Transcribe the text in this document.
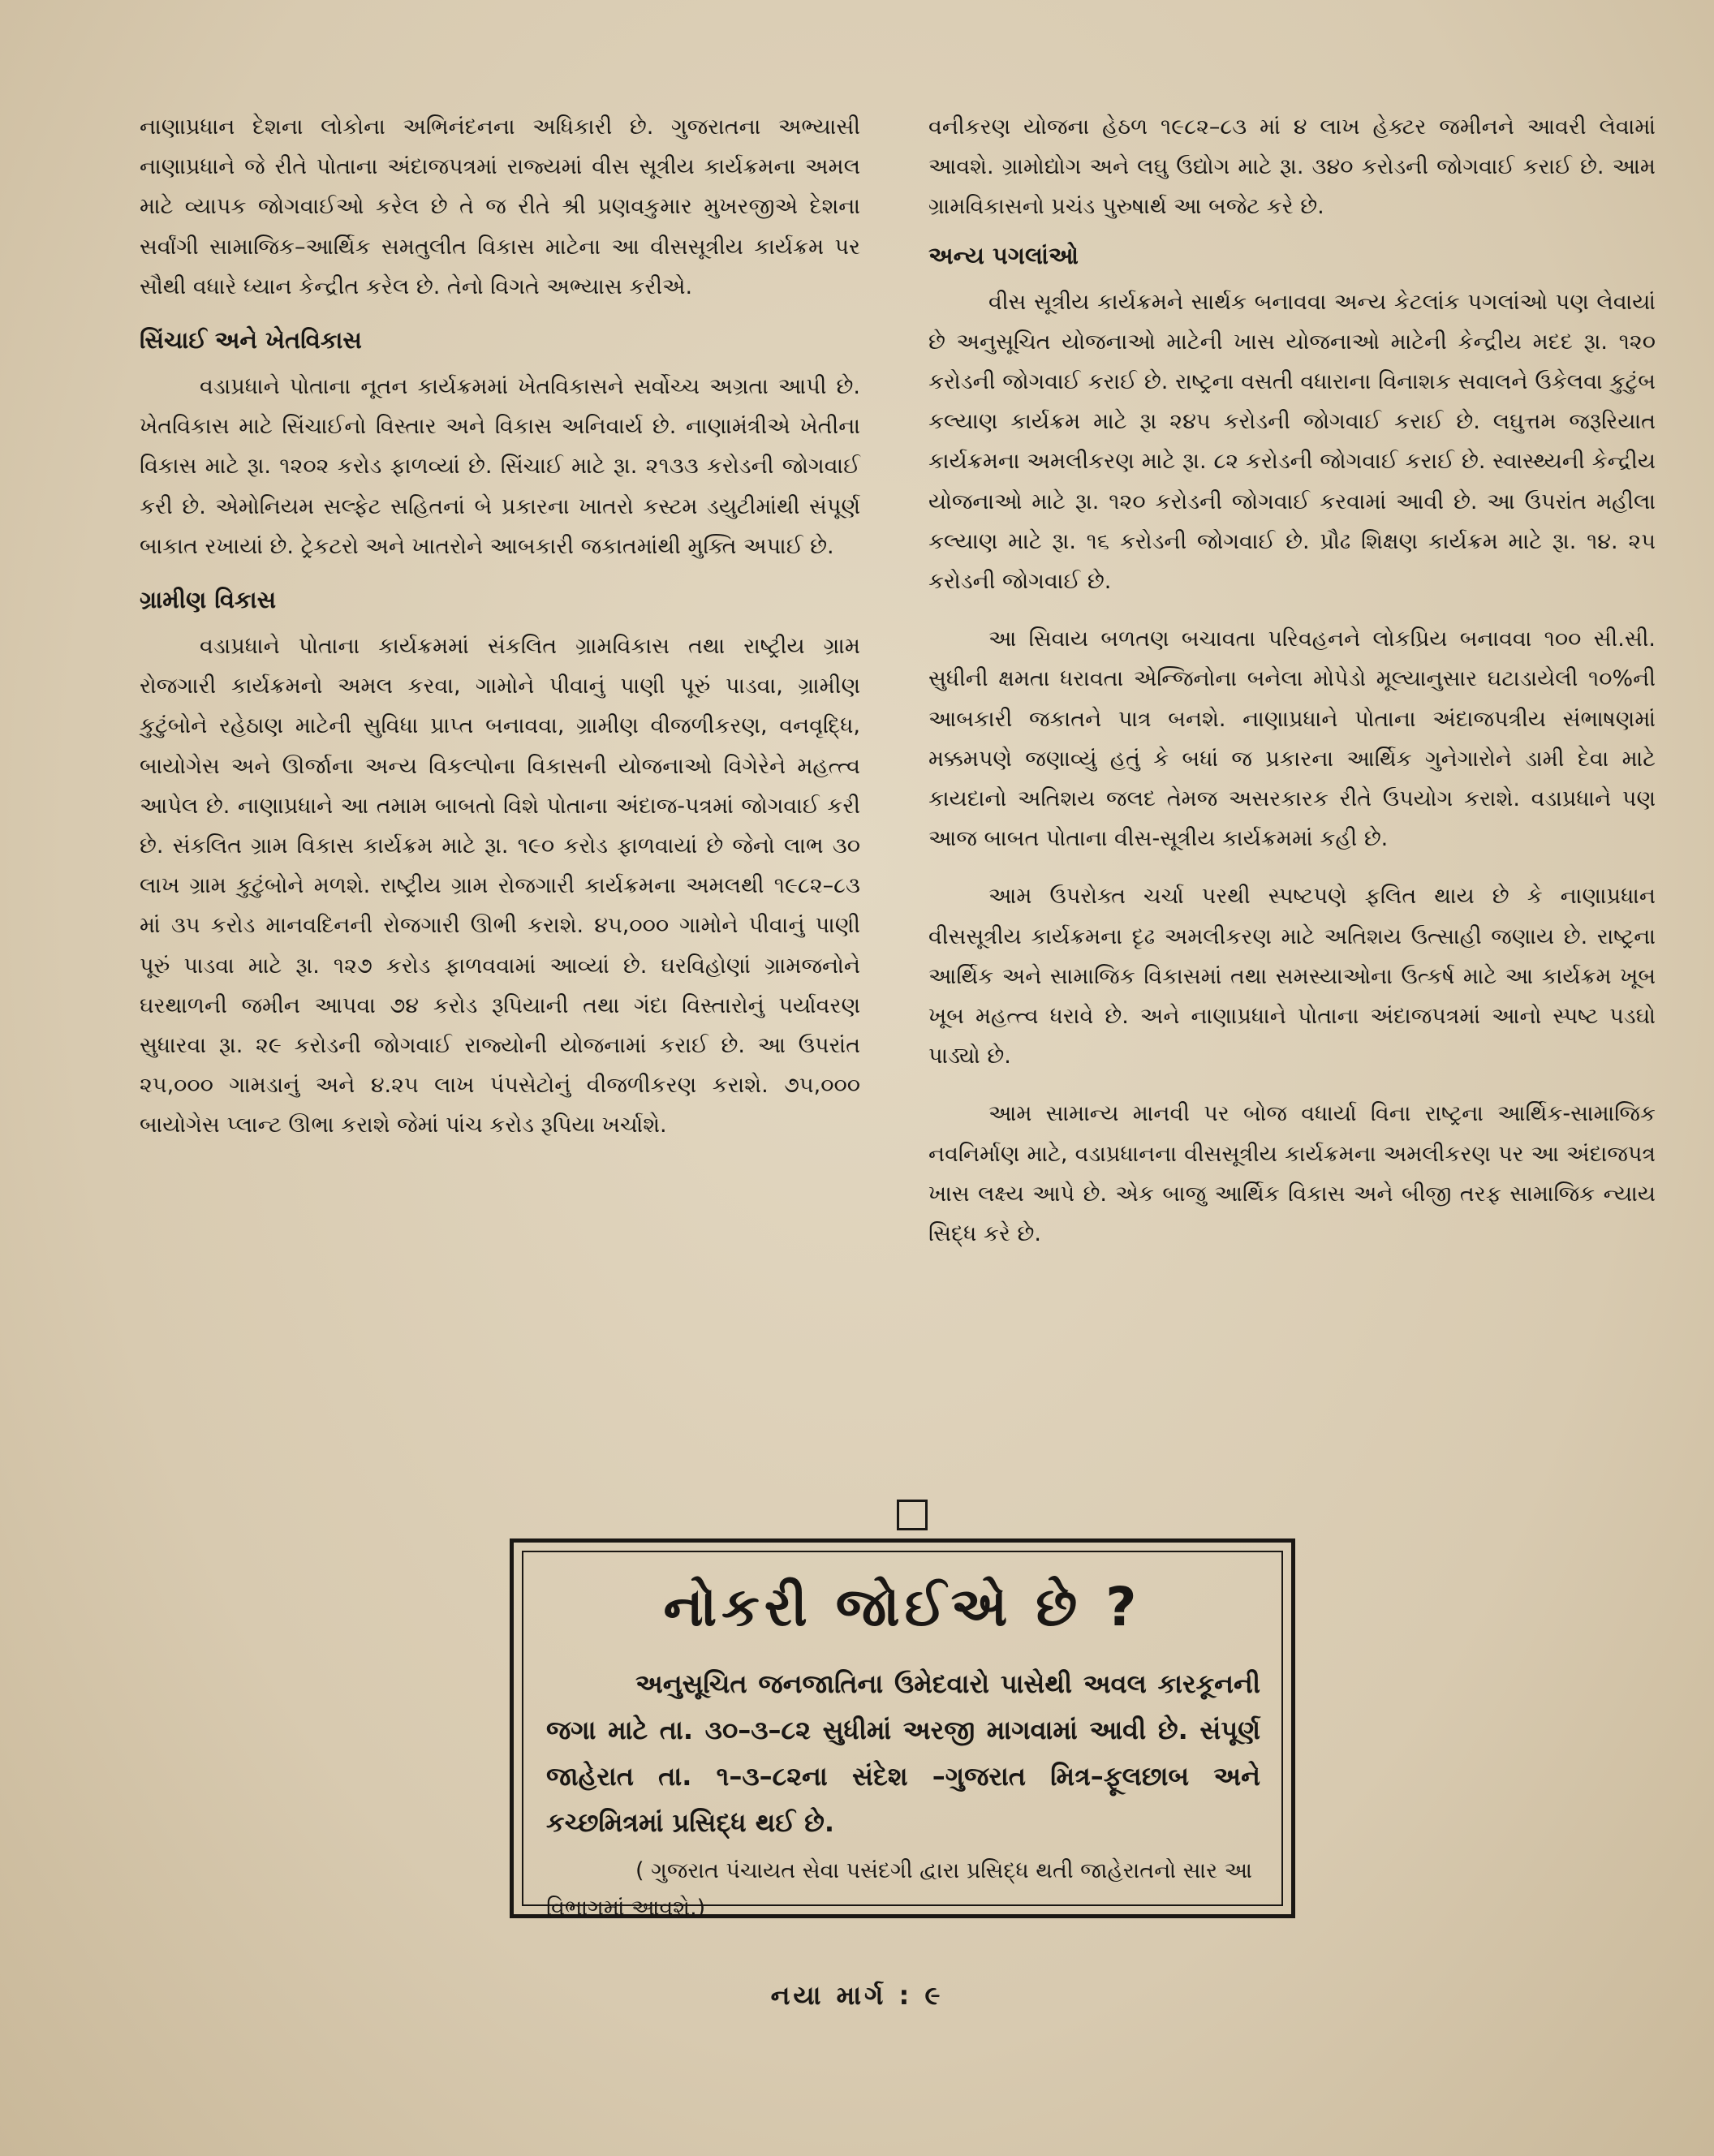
નાણાપ્રધાન દેશના લોકોના અભિનંદનના અધિકારી છે. ગુજરાતના અભ્યાસી નાણાપ્રધાને જે રીતે પોતાના અંદાજપત્રમાં રાજ્યમાં વીસ સૂત્રીય કાર્યક્રમના અમલ માટે વ્યાપક જોગવાઈઓ કરેલ છે તે જ રીતે શ્રી પ્રણવકુમાર મુખરજીએ દેશના સર્વાંગી સામાજિક–આર્થિક સમતુલીત વિકાસ માટેના આ વીસસૂત્રીય કાર્યક્રમ પર સૌથી વધારે ધ્યાન કેન્દ્રીત કરેલ છે. તેનો વિગતે અભ્યાસ કરીએ.

સિંચાઈ અને ખેતવિકાસ

વડાપ્રધાને પોતાના નૂતન કાર્યક્રમમાં ખેતવિકાસને સર્વોચ્ચ અગ્રતા આપી છે. ખેતવિકાસ માટે સિંચાઈનો વિસ્તાર અને વિકાસ અનિવાર્ય છે. નાણામંત્રીએ ખેતીના વિકાસ માટે રૂા. ૧૨૦૨ કરોડ ફાળવ્યાં છે. સિંચાઈ માટે રૂા. ૨૧૩૩ કરોડની જોગવાઈ કરી છે. એમોનિયમ સલ્ફેટ સહિતનાં બે પ્રકારના ખાતરો કસ્ટમ ડયુટીમાંથી સંપૂર્ણ બાકાત રખાયાં છે. ટ્રેકટરો અને ખાતરોને આબકારી જકાતમાંથી મુક્તિ અપાઈ છે.

ગ્રામીણ વિકાસ

વડાપ્રધાને પોતાના કાર્યક્રમમાં સંકલિત ગ્રામવિકાસ તથા રાષ્ટ્રીય ગ્રામ રોજગારી કાર્યક્રમનો અમલ કરવા, ગામોને પીવાનું પાણી પૂરું પાડવા, ગ્રામીણ કુટુંબોને રહેઠાણ માટેની સુવિધા પ્રાપ્ત બનાવવા, ગ્રામીણ વીજળીકરણ, વનવૃદ્ધિ, બાયોગેસ અને ઊર્જાના અન્ય વિકલ્પોના વિકાસની યોજનાઓ વિગેરેને મહત્ત્વ આપેલ છે. નાણાપ્રધાને આ તમામ બાબતો વિશે પોતાના અંદાજ-પત્રમાં જોગવાઈ કરી છે. સંકલિત ગ્રામ વિકાસ કાર્યક્રમ માટે રૂા. ૧૯૦ કરોડ ફાળવાયાં છે જેનો લાભ ૩૦ લાખ ગ્રામ કુટુંબોને મળશે. રાષ્ટ્રીય ગ્રામ રોજગારી કાર્યક્રમના અમલથી ૧૯૮૨–૮૩ માં ૩૫ કરોડ માનવદિનની રોજગારી ઊભી કરાશે. ૪૫,૦૦૦ ગામોને પીવાનું પાણી પૂરું પાડવા માટે રૂા. ૧૨૭ કરોડ ફાળવવામાં આવ્યાં છે. ઘરવિહોણાં ગ્રામજનોને ઘરથાળની જમીન આપવા ૭૪ કરોડ રૂપિયાની તથા ગંદા વિસ્તારોનું પર્યાવરણ સુધારવા રૂા. ૨૯ કરોડની જોગવાઈ રાજ્યોની યોજનામાં કરાઈ છે. આ ઉપરાંત ૨૫,૦૦૦ ગામડાનું અને ૪.૨૫ લાખ પંપસેટોનું વીજળીકરણ કરાશે. ૭૫,૦૦૦ બાયોગેસ પ્લાન્ટ ઊભા કરાશે જેમાં પાંચ કરોડ રૂપિયા ખર્ચાશે.

વનીકરણ યોજના હેઠળ ૧૯૮૨–૮૩ માં ૪ લાખ હેક્ટર જમીનને આવરી લેવામાં આવશે. ગ્રામોદ્યોગ અને લઘુ ઉદ્યોગ માટે રૂા. ૩૪૦ કરોડની જોગવાઈ કરાઈ છે. આમ ગ્રામવિકાસનો પ્રચંડ પુરુષાર્થ આ બજેટ કરે છે.

અન્ય પગલાંઓ

વીસ સૂત્રીય કાર્યક્રમને સાર્થક બનાવવા અન્ય કેટલાંક પગલાંઓ પણ લેવાયાં છે અનુસૂચિત યોજનાઓ માટેની ખાસ યોજનાઓ માટેની કેન્દ્રીય મદદ રૂા. ૧૨૦ કરોડની જોગવાઈ કરાઈ છે. રાષ્ટ્રના વસતી વધારાના વિનાશક સવાલને ઉકેલવા કુટુંબ કલ્યાણ કાર્યક્રમ માટે રૂા ૨૪૫ કરોડની જોગવાઈ કરાઈ છે. લઘુત્તમ જરૂરિયાત કાર્યક્રમના અમલીકરણ માટે રૂા. ૮૨ કરોડની જોગવાઈ કરાઈ છે. સ્વાસ્થ્યની કેન્દ્રીય યોજનાઓ માટે રૂા. ૧૨૦ કરોડની જોગવાઈ કરવામાં આવી છે. આ ઉપરાંત મહીલા કલ્યાણ માટે રૂા. ૧૬ કરોડની જોગવાઈ છે. પ્રૌઢ શિક્ષણ કાર્યક્રમ માટે રૂા. ૧૪. ૨૫ કરોડની જોગવાઈ છે.

આ સિવાય બળતણ બચાવતા પરિવહનને લોકપ્રિય બનાવવા ૧૦૦ સી.સી. સુધીની ક્ષમતા ધરાવતા એન્જિનોના બનેલા મોપેડો મૂલ્યાનુસાર ઘટાડાયેલી ૧૦%ની આબકારી જકાતને પાત્ર બનશે. નાણાપ્રધાને પોતાના અંદાજપત્રીય સંભાષણમાં મક્કમપણે જણાવ્યું હતું કે બધાં જ પ્રકારના આર્થિક ગુનેગારોને ડામી દેવા માટે કાયદાનો અતિશય જલદ તેમજ અસરકારક રીતે ઉપયોગ કરાશે. વડાપ્રધાને પણ આજ બાબત પોતાના વીસ-સૂત્રીય કાર્યક્રમમાં કહી છે.

આમ ઉપરોક્ત ચર્ચા પરથી સ્પષ્ટપણે ફલિત થાય છે કે નાણાપ્રધાન વીસસૂત્રીય કાર્યક્રમના દૃઢ અમલીકરણ માટે અતિશય ઉત્સાહી જણાય છે. રાષ્ટ્રના આર્થિક અને સામાજિક વિકાસમાં તથા સમસ્યાઓના ઉત્કર્ષ માટે આ કાર્યક્રમ ખૂબ ખૂબ મહત્ત્વ ધરાવે છે. અને નાણાપ્રધાને પોતાના અંદાજપત્રમાં આનો સ્પષ્ટ પડઘો પાડ્યો છે.

આમ સામાન્ય માનવી પર બોજ વધાર્યા વિના રાષ્ટ્રના આર્થિક-સામાજિક નવનિર્માણ માટે, વડાપ્રધાનના વીસસૂત્રીય કાર્યક્રમના અમલીકરણ પર આ અંદાજપત્ર ખાસ લક્ષ્ય આપે છે. એક બાજુ આર્થિક વિકાસ અને બીજી તરફ સામાજિક ન્યાય સિદ્ધ કરે છે.

નોકરી જોઈએ છે ?
અનુસૂચિત જનજાતિના ઉમેદવારો પાસેથી અવલ કારકૂનની જગા માટે તા. ૩૦–૩–૮૨ સુધીમાં અરજી માગવામાં આવી છે. સંપૂર્ણ જાહેરાત તા. ૧–૩–૮૨ના સંદેશ –ગુજરાત મિત્ર–ફૂલછાબ અને કચ્છમિત્રમાં પ્રસિદ્ધ થઈ છે.
( ગુજરાત પંચાયત સેવા પસંદગી દ્વારા પ્રસિદ્ધ થતી જાહેરાતનો સાર આ વિભાગમાં આવશે.)
નયા માર્ગ : ૯
